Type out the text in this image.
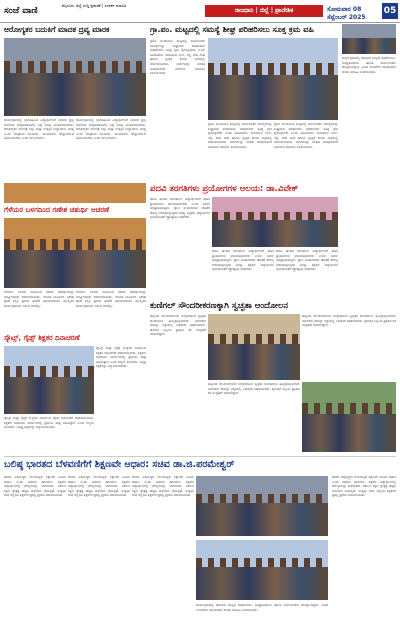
ಸಂಜೆ ವಾಣಿ
ಮೈಸೂರು ಜಿಲ್ಲೆ ಸುದ್ದಿ ಪ್ರಕಟಣೆ | ಸಂಪರ್ಕ ಮಾಹಿತಿ
ರಾಜಧಾನಿ | ಜಿಲ್ಲೆ | ಪ್ರಾದೇಶಿಕ	ಸೋಮವಾರ 08 ಸೆಪ್ಟೆಂಬರ್ 2025
05
ಆರೋಗ್ಯಕರ ಬದುಕಿಗೆ ಮಾದಕ ದ್ರವ್ಯ ಮಾರಕ
ಕಾರ್ಯಕ್ರಮದಲ್ಲಿ ಭಾಗವಹಿಸಿದ ವಿದ್ಯಾರ್ಥಿಗಳಿಗೆ ಮಾದಕ ದ್ರವ್ಯ ಸೇವನೆಯ ದುಷ್ಪರಿಣಾಮಗಳ ಬಗ್ಗೆ ಅರಿವು ಮೂಡಿಸಲಾಯಿತು. ಆರೋಗ್ಯಕರ ಜೀವನಕ್ಕೆ ಶಿಸ್ತು ಮತ್ತು ಉತ್ತಮ ಅಭ್ಯಾಸಗಳು ಅಗತ್ಯ ಎಂದು ಅತಿಥಿಗಳು ತಿಳಿಸಿದರು. ಯುವಜನರು ದುಶ್ಚಟಗಳಿಂದ ದೂರವಿರಬೇಕು ಎಂದು ಕರೆ ನೀಡಿದರು.
ಕಾರ್ಯಕ್ರಮದಲ್ಲಿ ಭಾಗವಹಿಸಿದ ವಿದ್ಯಾರ್ಥಿಗಳಿಗೆ ಮಾದಕ ದ್ರವ್ಯ ಸೇವನೆಯ ದುಷ್ಪರಿಣಾಮಗಳ ಬಗ್ಗೆ ಅರಿವು ಮೂಡಿಸಲಾಯಿತು. ಆರೋಗ್ಯಕರ ಜೀವನಕ್ಕೆ ಶಿಸ್ತು ಮತ್ತು ಉತ್ತಮ ಅಭ್ಯಾಸಗಳು ಅಗತ್ಯ ಎಂದು ಅತಿಥಿಗಳು ತಿಳಿಸಿದರು. ಯುವಜನರು ದುಶ್ಚಟಗಳಿಂದ ದೂರವಿರಬೇಕು ಎಂದು ಕರೆ ನೀಡಿದರು.
ಗ್ರಾ.ಪಂ. ಮಟ್ಟದಲ್ಲಿ ಸಮಸ್ಯೆ ಶೀಘ್ರ ಪರಿಹರಿಸಲು ಸೂಕ್ತ ಕ್ರಮ ವಹಿ
ಗ್ರಾಮ ಪಂಚಾಯಿತಿ ಮಟ್ಟದಲ್ಲಿ ಸಾರ್ವಜನಿಕರ ಸಮಸ್ಯೆಗಳನ್ನು ಶೀಘ್ರವಾಗಿ ಪರಿಹರಿಸಲು ಅಧಿಕಾರಿಗಳು ಸೂಕ್ತ ಕ್ರಮ ಕೈಗೊಳ್ಳಬೇಕು ಎಂದು ಸೂಚಿಸಿದರು. ಕುಡಿಯುವ ನೀರು, ರಸ್ತೆ, ಬೀದಿ ದೀಪ ಹಾಗೂ ಸ್ವಚ್ಛತೆ ಕುರಿತು ಸಭೆಯಲ್ಲಿ ಚರ್ಚಿಸಲಾಯಿತು. ಅರ್ಜಿಗಳನ್ನು ನಿಗದಿತ ಅವಧಿಯೊಳಗೆ ವಿಲೇವಾರಿ ಮಾಡಲು ತಿಳಿಸಲಾಯಿತು.
ಗ್ರಾಮ ಪಂಚಾಯಿತಿ ಮಟ್ಟದಲ್ಲಿ ಸಾರ್ವಜನಿಕರ ಸಮಸ್ಯೆಗಳನ್ನು ಶೀಘ್ರವಾಗಿ ಪರಿಹರಿಸಲು ಅಧಿಕಾರಿಗಳು ಸೂಕ್ತ ಕ್ರಮ ಕೈಗೊಳ್ಳಬೇಕು ಎಂದು ಸೂಚಿಸಿದರು. ಕುಡಿಯುವ ನೀರು, ರಸ್ತೆ, ಬೀದಿ ದೀಪ ಹಾಗೂ ಸ್ವಚ್ಛತೆ ಕುರಿತು ಸಭೆಯಲ್ಲಿ ಚರ್ಚಿಸಲಾಯಿತು. ಅರ್ಜಿಗಳನ್ನು ನಿಗದಿತ ಅವಧಿಯೊಳಗೆ ವಿಲೇವಾರಿ ಮಾಡಲು ತಿಳಿಸಲಾಯಿತು.
ಗ್ರಾಮ ಪಂಚಾಯಿತಿ ಮಟ್ಟದಲ್ಲಿ ಸಾರ್ವಜನಿಕರ ಸಮಸ್ಯೆಗಳನ್ನು ಶೀಘ್ರವಾಗಿ ಪರಿಹರಿಸಲು ಅಧಿಕಾರಿಗಳು ಸೂಕ್ತ ಕ್ರಮ ಕೈಗೊಳ್ಳಬೇಕು ಎಂದು ಸೂಚಿಸಿದರು. ಕುಡಿಯುವ ನೀರು, ರಸ್ತೆ, ಬೀದಿ ದೀಪ ಹಾಗೂ ಸ್ವಚ್ಛತೆ ಕುರಿತು ಸಭೆಯಲ್ಲಿ ಚರ್ಚಿಸಲಾಯಿತು. ಅರ್ಜಿಗಳನ್ನು ನಿಗದಿತ ಅವಧಿಯೊಳಗೆ ವಿಲೇವಾರಿ ಮಾಡಲು ತಿಳಿಸಲಾಯಿತು.
ಕಾರ್ಯಕ್ರಮದಲ್ಲಿ ತಾಲೂಕು ಮಟ್ಟದ ಅಧಿಕಾರಿಗಳು, ಜನಪ್ರತಿನಿಧಿಗಳು ಹಾಗೂ ಸಾರ್ವಜನಿಕರು ಪಾಲ್ಗೊಂಡಿದ್ದರು. ವಿವಿಧ ಇಲಾಖೆಗಳ ಯೋಜನೆಗಳ ಕುರಿತು ಮಾಹಿತಿ ನೀಡಲಾಯಿತು.
ಪದವಿ ತರಗತಿಗಳು ಪ್ರಯೋಗಗಳ ಆಲಯ: ಡಾ.ವಿವೇಕ್
ಪದವಿ ಹಂತದ ತರಗತಿಗಳು ವಿದ್ಯಾರ್ಥಿಗಳಿಗೆ ಹೊಸ ಪ್ರಯೋಗಗಳ ಆಲಯವಾಗಬೇಕು ಎಂದು ಅವರು ಅಭಿಪ್ರಾಯಪಟ್ಟರು. ಜ್ಞಾನ ಸಂಪಾದನೆಯ ಜೊತೆಗೆ ಕೌಶಲ್ಯ ಬೆಳೆಸಿಕೊಳ್ಳುವುದು ಅಗತ್ಯ. ಶಿಕ್ಷಕರು ವಿದ್ಯಾರ್ಥಿಗಳ ಸೃಜನಶೀಲತೆಗೆ ಪ್ರೋತ್ಸಾಹ ನೀಡಬೇಕು.
ಪದವಿ ಹಂತದ ತರಗತಿಗಳು ವಿದ್ಯಾರ್ಥಿಗಳಿಗೆ ಹೊಸ ಪ್ರಯೋಗಗಳ ಆಲಯವಾಗಬೇಕು ಎಂದು ಅವರು ಅಭಿಪ್ರಾಯಪಟ್ಟರು. ಜ್ಞಾನ ಸಂಪಾದನೆಯ ಜೊತೆಗೆ ಕೌಶಲ್ಯ ಬೆಳೆಸಿಕೊಳ್ಳುವುದು ಅಗತ್ಯ. ಶಿಕ್ಷಕರು ವಿದ್ಯಾರ್ಥಿಗಳ ಸೃಜನಶೀಲತೆಗೆ ಪ್ರೋತ್ಸಾಹ ನೀಡಬೇಕು.
ಪದವಿ ಹಂತದ ತರಗತಿಗಳು ವಿದ್ಯಾರ್ಥಿಗಳಿಗೆ ಹೊಸ ಪ್ರಯೋಗಗಳ ಆಲಯವಾಗಬೇಕು ಎಂದು ಅವರು ಅಭಿಪ್ರಾಯಪಟ್ಟರು. ಜ್ಞಾನ ಸಂಪಾದನೆಯ ಜೊತೆಗೆ ಕೌಶಲ್ಯ ಬೆಳೆಸಿಕೊಳ್ಳುವುದು ಅಗತ್ಯ. ಶಿಕ್ಷಕರು ವಿದ್ಯಾರ್ಥಿಗಳ ಸೃಜನಶೀಲತೆಗೆ ಪ್ರೋತ್ಸಾಹ ನೀಡಬೇಕು.
ಗೆಳೆಯರ ಬಳಗದಿಂದ ಗಣೇಶ ಚತುರ್ಥಿ ಆಚರಣೆ
ಗೆಳೆಯರ ಬಳಗದ ವತಿಯಿಂದ ಗಣೇಶ ಚತುರ್ಥಿಯನ್ನು ಅದ್ದೂರಿಯಾಗಿ ಆಚರಿಸಲಾಯಿತು. ಗಣಪತಿ ಮೂರ್ತಿಗೆ ವಿಶೇಷ ಪೂಜೆ ಸಲ್ಲಿಸಿ ಪ್ರಸಾದ ವಿತರಣೆ ಮಾಡಲಾಯಿತು. ಸಾಂಸ್ಕೃತಿಕ ಕಾರ್ಯಕ್ರಮಗಳು ಗಮನ ಸೆಳೆದವು.
ಗೆಳೆಯರ ಬಳಗದ ವತಿಯಿಂದ ಗಣೇಶ ಚತುರ್ಥಿಯನ್ನು ಅದ್ದೂರಿಯಾಗಿ ಆಚರಿಸಲಾಯಿತು. ಗಣಪತಿ ಮೂರ್ತಿಗೆ ವಿಶೇಷ ಪೂಜೆ ಸಲ್ಲಿಸಿ ಪ್ರಸಾದ ವಿತರಣೆ ಮಾಡಲಾಯಿತು. ಸಾಂಸ್ಕೃತಿಕ ಕಾರ್ಯಕ್ರಮಗಳು ಗಮನ ಸೆಳೆದವು.	ಕುಣಿಗಲ್ ಸೌಂದರೀಕರಣಕ್ಕಾಗಿ ಸ್ವಚ್ಛತಾ ಆಂದೋಲನ
ಪಟ್ಟಣದ ಸೌಂದರೀಕರಣದ ಉದ್ದೇಶದಿಂದ ಸ್ವಚ್ಛತಾ ಆಂದೋಲನ ಹಮ್ಮಿಕೊಳ್ಳಲಾಗಿದೆ. ನಾಗರಿಕರು ಕಸವನ್ನು ರಸ್ತೆಯಲ್ಲಿ ಎಸೆಯದೆ ಸಹಕರಿಸಬೇಕು. ಪುರಸಭೆ ಸಿಬ್ಬಂದಿ ಪ್ರತಿದಿನ ಕಸ ಸಂಗ್ರಹಣೆ ಮಾಡಲಿದ್ದಾರೆ.
ಪಟ್ಟಣದ ಸೌಂದರೀಕರಣದ ಉದ್ದೇಶದಿಂದ ಸ್ವಚ್ಛತಾ ಆಂದೋಲನ ಹಮ್ಮಿಕೊಳ್ಳಲಾಗಿದೆ. ನಾಗರಿಕರು ಕಸವನ್ನು ರಸ್ತೆಯಲ್ಲಿ ಎಸೆಯದೆ ಸಹಕರಿಸಬೇಕು. ಪುರಸಭೆ ಸಿಬ್ಬಂದಿ ಪ್ರತಿದಿನ ಕಸ ಸಂಗ್ರಹಣೆ ಮಾಡಲಿದ್ದಾರೆ.
ಪಟ್ಟಣದ ಸೌಂದರೀಕರಣದ ಉದ್ದೇಶದಿಂದ ಸ್ವಚ್ಛತಾ ಆಂದೋಲನ ಹಮ್ಮಿಕೊಳ್ಳಲಾಗಿದೆ. ನಾಗರಿಕರು ಕಸವನ್ನು ರಸ್ತೆಯಲ್ಲಿ ಎಸೆಯದೆ ಸಹಕರಿಸಬೇಕು. ಪುರಸಭೆ ಸಿಬ್ಬಂದಿ ಪ್ರತಿದಿನ ಕಸ ಸಂಗ್ರಹಣೆ ಮಾಡಲಿದ್ದಾರೆ.
ಸ್ಕೌಟ್ಸ್, ಗೈಡ್ಸ್ ಶಿಕ್ಷಕರ ದಿನಾಚರಣೆ
ಸ್ಕೌಟ್ಸ್ ಮತ್ತು ಗೈಡ್ಸ್ ಸಂಸ್ಥೆಯ ವತಿಯಿಂದ ಶಿಕ್ಷಕರ ದಿನಾಚರಣೆ ಆಚರಿಸಲಾಯಿತು. ಶಿಕ್ಷಕರು ಸಮಾಜದ ನಿರ್ಮಾಣದಲ್ಲಿ ಪ್ರಮುಖ ಪಾತ್ರ ವಹಿಸುತ್ತಾರೆ ಎಂದು ಗಣ್ಯರು ತಿಳಿಸಿದರು. ನಿವೃತ್ತ ಶಿಕ್ಷಕರನ್ನು ಸನ್ಮಾನಿಸಲಾಯಿತು.
ಸ್ಕೌಟ್ಸ್ ಮತ್ತು ಗೈಡ್ಸ್ ಸಂಸ್ಥೆಯ ವತಿಯಿಂದ ಶಿಕ್ಷಕರ ದಿನಾಚರಣೆ ಆಚರಿಸಲಾಯಿತು. ಶಿಕ್ಷಕರು ಸಮಾಜದ ನಿರ್ಮಾಣದಲ್ಲಿ ಪ್ರಮುಖ ಪಾತ್ರ ವಹಿಸುತ್ತಾರೆ ಎಂದು ಗಣ್ಯರು ತಿಳಿಸಿದರು. ನಿವೃತ್ತ ಶಿಕ್ಷಕರನ್ನು ಸನ್ಮಾನಿಸಲಾಯಿತು.
ಬಲಿಷ್ಠ ಭಾರತದ ಬೆಳವಣಿಗೆಗೆ ಶಿಕ್ಷಣವೇ ಆಧಾರ: ಸಚಿವ ಡಾ.ಜಿ.ಪರಮೇಶ್ವರ್
ದೇಶದ ಅಭಿವೃದ್ಧಿಗೆ ಗುಣಮಟ್ಟದ ಶಿಕ್ಷಣವೇ ಮೂಲ ಆಧಾರ ಎಂದು ಸಚಿವರು ಹೇಳಿದರು. ಶಿಕ್ಷಕರು ವಿದ್ಯಾರ್ಥಿಗಳಲ್ಲಿ ಮೌಲ್ಯಗಳನ್ನು ಬೆಳೆಸಬೇಕು. ಸರ್ಕಾರ ಶಿಕ್ಷಣ ಕ್ಷೇತ್ರಕ್ಕೆ ಹೆಚ್ಚಿನ ಅನುದಾನ ನೀಡುತ್ತಿದೆ. ಉತ್ತಮ ಸೇವೆ ಸಲ್ಲಿಸಿದ ಶಿಕ್ಷಕರಿಗೆ ಪ್ರಶಸ್ತಿ ಪ್ರದಾನ ಮಾಡಲಾಯಿತು.
ದೇಶದ ಅಭಿವೃದ್ಧಿಗೆ ಗುಣಮಟ್ಟದ ಶಿಕ್ಷಣವೇ ಮೂಲ ಆಧಾರ ಎಂದು ಸಚಿವರು ಹೇಳಿದರು. ಶಿಕ್ಷಕರು ವಿದ್ಯಾರ್ಥಿಗಳಲ್ಲಿ ಮೌಲ್ಯಗಳನ್ನು ಬೆಳೆಸಬೇಕು. ಸರ್ಕಾರ ಶಿಕ್ಷಣ ಕ್ಷೇತ್ರಕ್ಕೆ ಹೆಚ್ಚಿನ ಅನುದಾನ ನೀಡುತ್ತಿದೆ. ಉತ್ತಮ ಸೇವೆ ಸಲ್ಲಿಸಿದ ಶಿಕ್ಷಕರಿಗೆ ಪ್ರಶಸ್ತಿ ಪ್ರದಾನ ಮಾಡಲಾಯಿತು.
ದೇಶದ ಅಭಿವೃದ್ಧಿಗೆ ಗುಣಮಟ್ಟದ ಶಿಕ್ಷಣವೇ ಮೂಲ ಆಧಾರ ಎಂದು ಸಚಿವರು ಹೇಳಿದರು. ಶಿಕ್ಷಕರು ವಿದ್ಯಾರ್ಥಿಗಳಲ್ಲಿ ಮೌಲ್ಯಗಳನ್ನು ಬೆಳೆಸಬೇಕು. ಸರ್ಕಾರ ಶಿಕ್ಷಣ ಕ್ಷೇತ್ರಕ್ಕೆ ಹೆಚ್ಚಿನ ಅನುದಾನ ನೀಡುತ್ತಿದೆ. ಉತ್ತಮ ಸೇವೆ ಸಲ್ಲಿಸಿದ ಶಿಕ್ಷಕರಿಗೆ ಪ್ರಶಸ್ತಿ ಪ್ರದಾನ ಮಾಡಲಾಯಿತು.
ಕಾರ್ಯಕ್ರಮದಲ್ಲಿ ತಾಲೂಕು ಮಟ್ಟದ ಅಧಿಕಾರಿಗಳು, ಜನಪ್ರತಿನಿಧಿಗಳು ಹಾಗೂ ಸಾರ್ವಜನಿಕರು ಪಾಲ್ಗೊಂಡಿದ್ದರು. ವಿವಿಧ ಇಲಾಖೆಗಳ ಯೋಜನೆಗಳ ಕುರಿತು ಮಾಹಿತಿ ನೀಡಲಾಯಿತು.
ದೇಶದ ಅಭಿವೃದ್ಧಿಗೆ ಗುಣಮಟ್ಟದ ಶಿಕ್ಷಣವೇ ಮೂಲ ಆಧಾರ ಎಂದು ಸಚಿವರು ಹೇಳಿದರು. ಶಿಕ್ಷಕರು ವಿದ್ಯಾರ್ಥಿಗಳಲ್ಲಿ ಮೌಲ್ಯಗಳನ್ನು ಬೆಳೆಸಬೇಕು. ಸರ್ಕಾರ ಶಿಕ್ಷಣ ಕ್ಷೇತ್ರಕ್ಕೆ ಹೆಚ್ಚಿನ ಅನುದಾನ ನೀಡುತ್ತಿದೆ. ಉತ್ತಮ ಸೇವೆ ಸಲ್ಲಿಸಿದ ಶಿಕ್ಷಕರಿಗೆ ಪ್ರಶಸ್ತಿ ಪ್ರದಾನ ಮಾಡಲಾಯಿತು.
